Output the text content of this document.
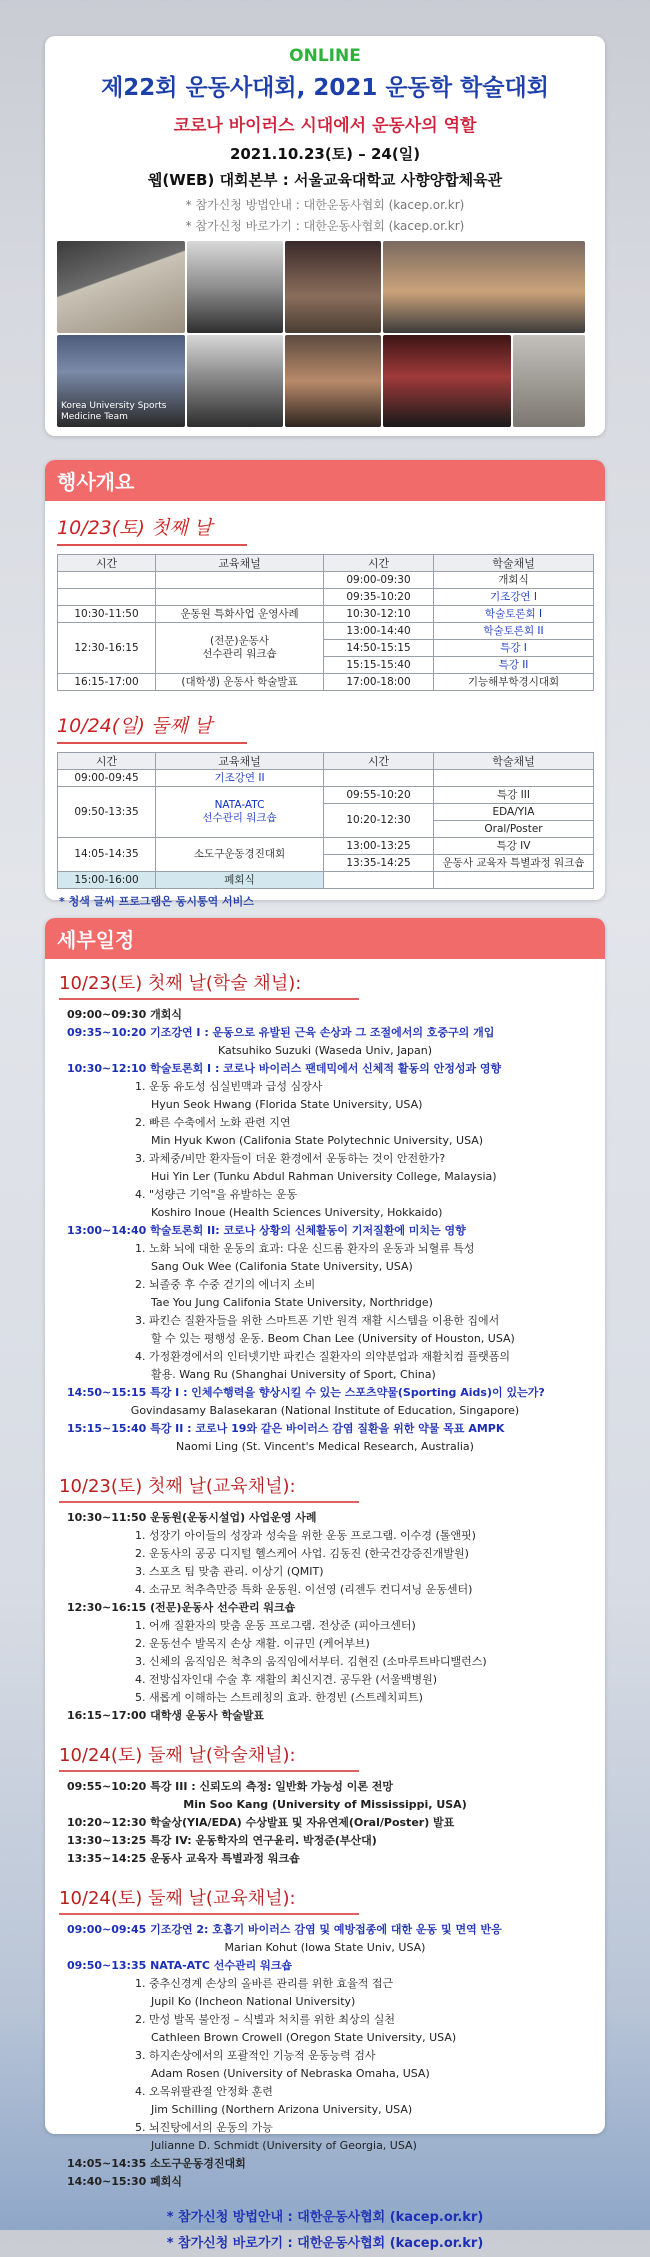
ONLINE
제22회 운동사대회, 2021 운동학 학술대회
코로나 바이러스 시대에서 운동사의 역할
2021.10.23(토) – 24(일)
웹(WEB) 대회본부 : 서울교육대학교 사향양합체육관
* 참가신청 방법안내 : 대한운동사협회 (kacep.or.kr)
* 참가신청 바로가기 : 대한운동사협회 (kacep.or.kr)
Korea University Sports Medicine Team
행사개요
10/23(토) 첫째 날
시간	교육채널	시간	학술채널
		09:00-09:30	개회식
		09:35-10:20	기조강연 I
10:30-11:50	운동원 특화사업 운영사례	10:30-12:10	학술토론회 I
12:30-16:15	(전문)운동사
선수관리 워크숍	13:00-14:40	학술토론회 II
		14:50-15:15	특강 I
		15:15-15:40	특강 II
16:15-17:00	(대학생) 운동사 학술발표	17:00-18:00	기능해부학경시대회
10/24(일) 둘째 날
시간	교육채널	시간	학술채널
09:00-09:45	기조강연 II		
09:50-13:35	NATA-ATC
선수관리 워크숍	09:55-10:20	특강 III
		10:20-12:30	EDA/YIA
			Oral/Poster
14:05-14:35	소도구운동경진대회	13:00-13:25	특강 IV
		13:35-14:25	운동사 교육자 특별과정 워크숍
15:00-16:00	폐회식		
* 청색 글씨 프로그램은 동시통역 서비스
세부일정
10/23(토) 첫째 날(학술 채널):
09:00~09:30 개회식
09:35~10:20 기조강연 I : 운동으로 유발된 근육 손상과 그 조절에서의 호중구의 개입
Katsuhiko Suzuki (Waseda Univ, Japan)
10:30~12:10 학술토론회 I : 코로나 바이러스 팬데믹에서 신체적 활동의 안정성과 영향
1. 운동 유도성 심실빈맥과 급성 심장사
Hyun Seok Hwang (Florida State University, USA)
2. 빠른 수축에서 노화 관련 지연
Min Hyuk Kwon (Califonia State Polytechnic University, USA)
3. 과체중/비만 환자들이 더운 환경에서 운동하는 것이 안전한가?
Hui Yin Ler (Tunku Abdul Rahman University College, Malaysia)
4. "성량근 기억"을 유발하는 운동
Koshiro Inoue (Health Sciences University, Hokkaido)
13:00~14:40 학술토론회 II: 코로나 상황의 신체활동이 기저질환에 미치는 영향
1. 노화 뇌에 대한 운동의 효과: 다운 신드롬 환자의 운동과 뇌혈류 특성
Sang Ouk Wee (Califonia State University, USA)
2. 뇌졸중 후 수중 걷기의 에너지 소비
Tae You Jung Califonia State University, Northridge)
3. 파킨슨 질환자들을 위한 스마트폰 기반 원격 재활 시스템을 이용한 집에서
할 수 있는 평행성 운동. Beom Chan Lee (University of Houston, USA)
4. 가정환경에서의 인터넷기반 파킨슨 질환자의 의약분업과 재활치컴 플랫폼의
활용. Wang Ru (Shanghai University of Sport, China)
14:50~15:15 특강 I : 인체수행력을 향상시킬 수 있는 스포츠약물(Sporting Aids)이 있는가?
Govindasamy Balasekaran (National Institute of Education, Singapore)
15:15~15:40 특강 II : 코로나 19와 같은 바이러스 감염 질환을 위한 약물 목표 AMPK
Naomi Ling (St. Vincent's Medical Research, Australia)
10/23(토) 첫째 날(교육채널):
10:30~11:50 운동원(운동시설업) 사업운영 사례
1. 성장기 아이들의 성장과 성숙을 위한 운동 프로그램. 이수경 (톨앤핏)
2. 운동사의 공공 디지털 헬스케어 사업. 김동진 (한국건강증진개발원)
3. 스포츠 팀 맞춤 관리. 이상기 (QMIT)
4. 소규모 척추측만증 특화 운동원. 이선영 (리젠두 컨디셔닝 운동센터)
12:30~16:15 (전문)운동사 선수관리 워크숍
1. 어깨 질환자의 맞춤 운동 프로그램. 전상준 (피아크센터)
2. 운동선수 발목지 손상 재활. 이규민 (케어부브)
3. 신체의 움직임은 척추의 움직임에서부터. 김현진 (소마루트바디밸런스)
4. 전방십자인대 수술 후 재활의 최신지견. 공두완 (서울백병원)
5. 새롭게 이해하는 스트레칭의 효과. 한경빈 (스트레치피트)
16:15~17:00 대학생 운동사 학술발표
10/24(토) 둘째 날(학술채널):
09:55~10:20 특강 III : 신뢰도의 측정: 일반화 가능성 이론 전망
Min Soo Kang (University of Mississippi, USA)
10:20~12:30 학술상(YIA/EDA) 수상발표 및 자유연제(Oral/Poster) 발표
13:30~13:25 특강 IV: 운동학자의 연구윤리. 박정준(부산대)
13:35~14:25 운동사 교육자 특별과정 워크숍
10/24(토) 둘째 날(교육채널):
09:00~09:45 기조강연 2: 호흡기 바이러스 감염 및 예방접종에 대한 운동 및 면역 반응
Marian Kohut (Iowa State Univ, USA)
09:50~13:35 NATA-ATC 선수관리 워크숍
1. 중추신경계 손상의 올바른 관리를 위한 효율적 접근
Jupil Ko (Incheon National University)
2. 만성 발목 불안정 – 식별과 처치를 위한 최상의 실천
Cathleen Brown Crowell (Oregon State University, USA)
3. 하지손상에서의 포괄적인 기능적 운동능력 검사
Adam Rosen (University of Nebraska Omaha, USA)
4. 오목위팔관절 안정화 훈련
Jim Schilling (Northern Arizona University, USA)
5. 뇌진탕에서의 운동의 가능
Julianne D. Schmidt (University of Georgia, USA)
14:05~14:35 소도구운동경진대회
14:40~15:30 폐회식
* 참가신청 방법안내 : 대한운동사협회 (kacep.or.kr)
* 참가신청 바로가기 : 대한운동사협회 (kacep.or.kr)
